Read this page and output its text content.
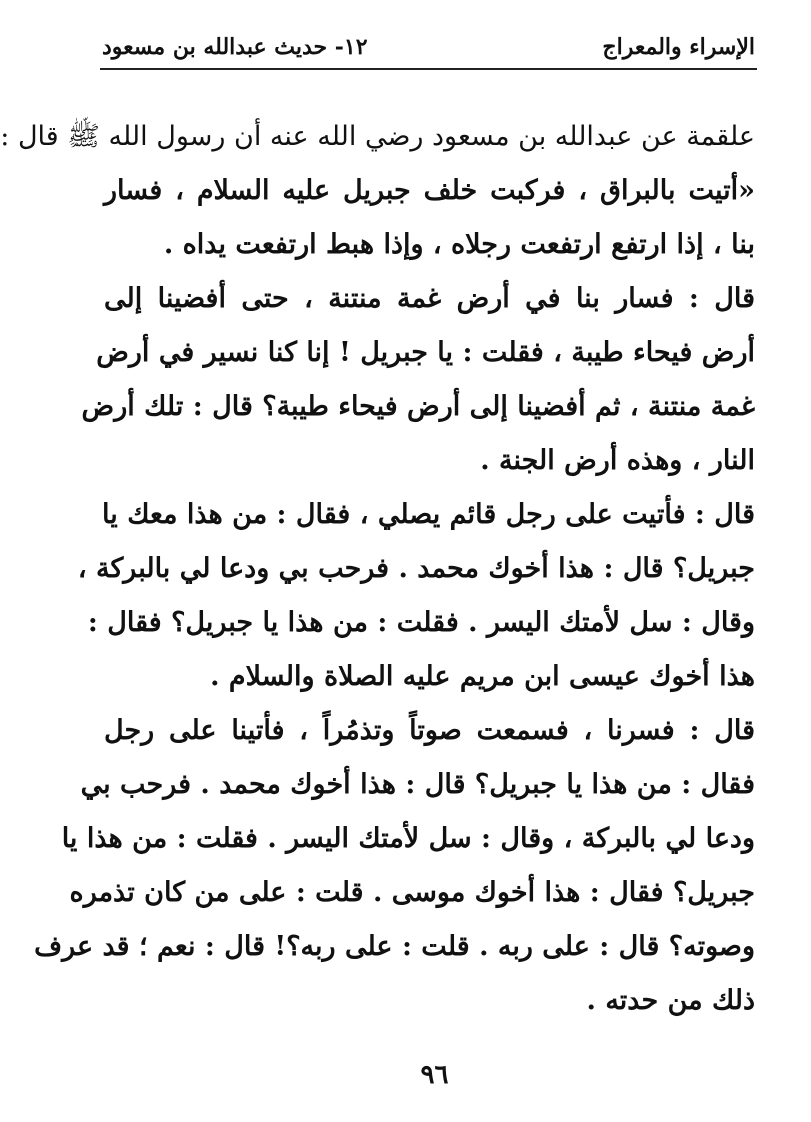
الإسراء والمعراج
١٢- حديث عبدالله بن مسعود

علقمة عن عبدالله بن مسعود رضي الله عنه أن رسول الله ﷺ قال :
«أتيت بالبراق ، فركبت خلف جبريل عليه السلام ، فسار
بنا ، إذا ارتفع ارتفعت رجلاه ، وإذا هبط ارتفعت يداه .

قال : فسار بنا في أرض غمة منتنة ، حتى أفضينا إلى
أرض فيحاء طيبة ، فقلت : يا جبريل ! إنا كنا نسير في أرض
غمة منتنة ، ثم أفضينا إلى أرض فيحاء طيبة؟ قال : تلك أرض
النار ، وهذه أرض الجنة .

قال : فأتيت على رجل قائم يصلي ، فقال : من هذا معك يا
جبريل؟ قال : هذا أخوك محمد . فرحب بي ودعا لي بالبركة ،
وقال : سل لأمتك اليسر . فقلت : من هذا يا جبريل؟ فقال :
هذا أخوك عيسى ابن مريم عليه الصلاة والسلام .

قال : فسرنا ، فسمعت صوتاً وتذمُراً ، فأتينا على رجل
فقال : من هذا يا جبريل؟ قال : هذا أخوك محمد . فرحب بي
ودعا لي بالبركة ، وقال : سل لأمتك اليسر . فقلت : من هذا يا
جبريل؟ فقال : هذا أخوك موسى . قلت : على من كان تذمره
وصوته؟ قال : على ربه . قلت : على ربه؟! قال : نعم ؛ قد عرف
ذلك من حدته .

٩٦
